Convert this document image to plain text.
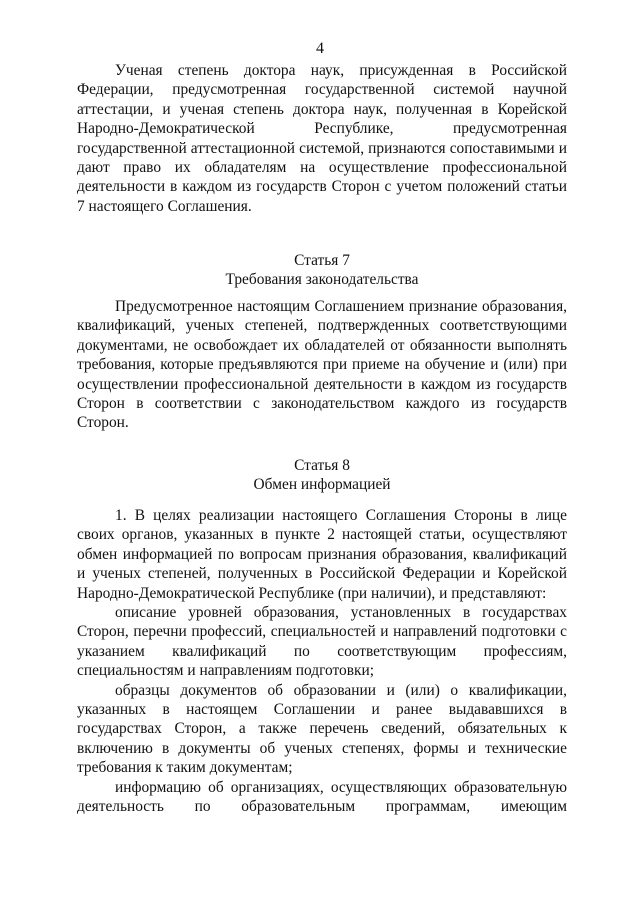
4

Ученая степень доктора наук, присужденная в Российской Федерации, предусмотренная государственной системой научной аттестации, и ученая степень доктора наук, полученная в Корейской Народно-Демократической Республике, предусмотренная государственной аттестационной системой, признаются сопоставимыми и дают право их обладателям на осуществление профессиональной деятельности в каждом из государств Сторон с учетом положений статьи 7 настоящего Соглашения.

Статья 7

Требования законодательства

Предусмотренное настоящим Соглашением признание образования, квалификаций, ученых степеней, подтвержденных соответствующими документами, не освобождает их обладателей от обязанности выполнять требования, которые предъявляются при приеме на обучение и (или) при осуществлении профессиональной деятельности в каждом из государств Сторон в соответствии с законодательством каждого из государств Сторон.

Статья 8

Обмен информацией

1. В целях реализации настоящего Соглашения Стороны в лице своих органов, указанных в пункте 2 настоящей статьи, осуществляют обмен информацией по вопросам признания образования, квалификаций и ученых степеней, полученных в Российской Федерации и Корейской Народно-Демократической Республике (при наличии), и представляют:

описание уровней образования, установленных в государствах Сторон, перечни профессий, специальностей и направлений подготовки с указанием квалификаций по соответствующим профессиям, специальностям и направлениям подготовки;

образцы документов об образовании и (или) о квалификации, указанных в настоящем Соглашении и ранее выдававшихся в государствах Сторон, а также перечень сведений, обязательных к включению в документы об ученых степенях, формы и технические требования к таким документам;

информацию об организациях, осуществляющих образовательную деятельность по образовательным программам, имеющим
